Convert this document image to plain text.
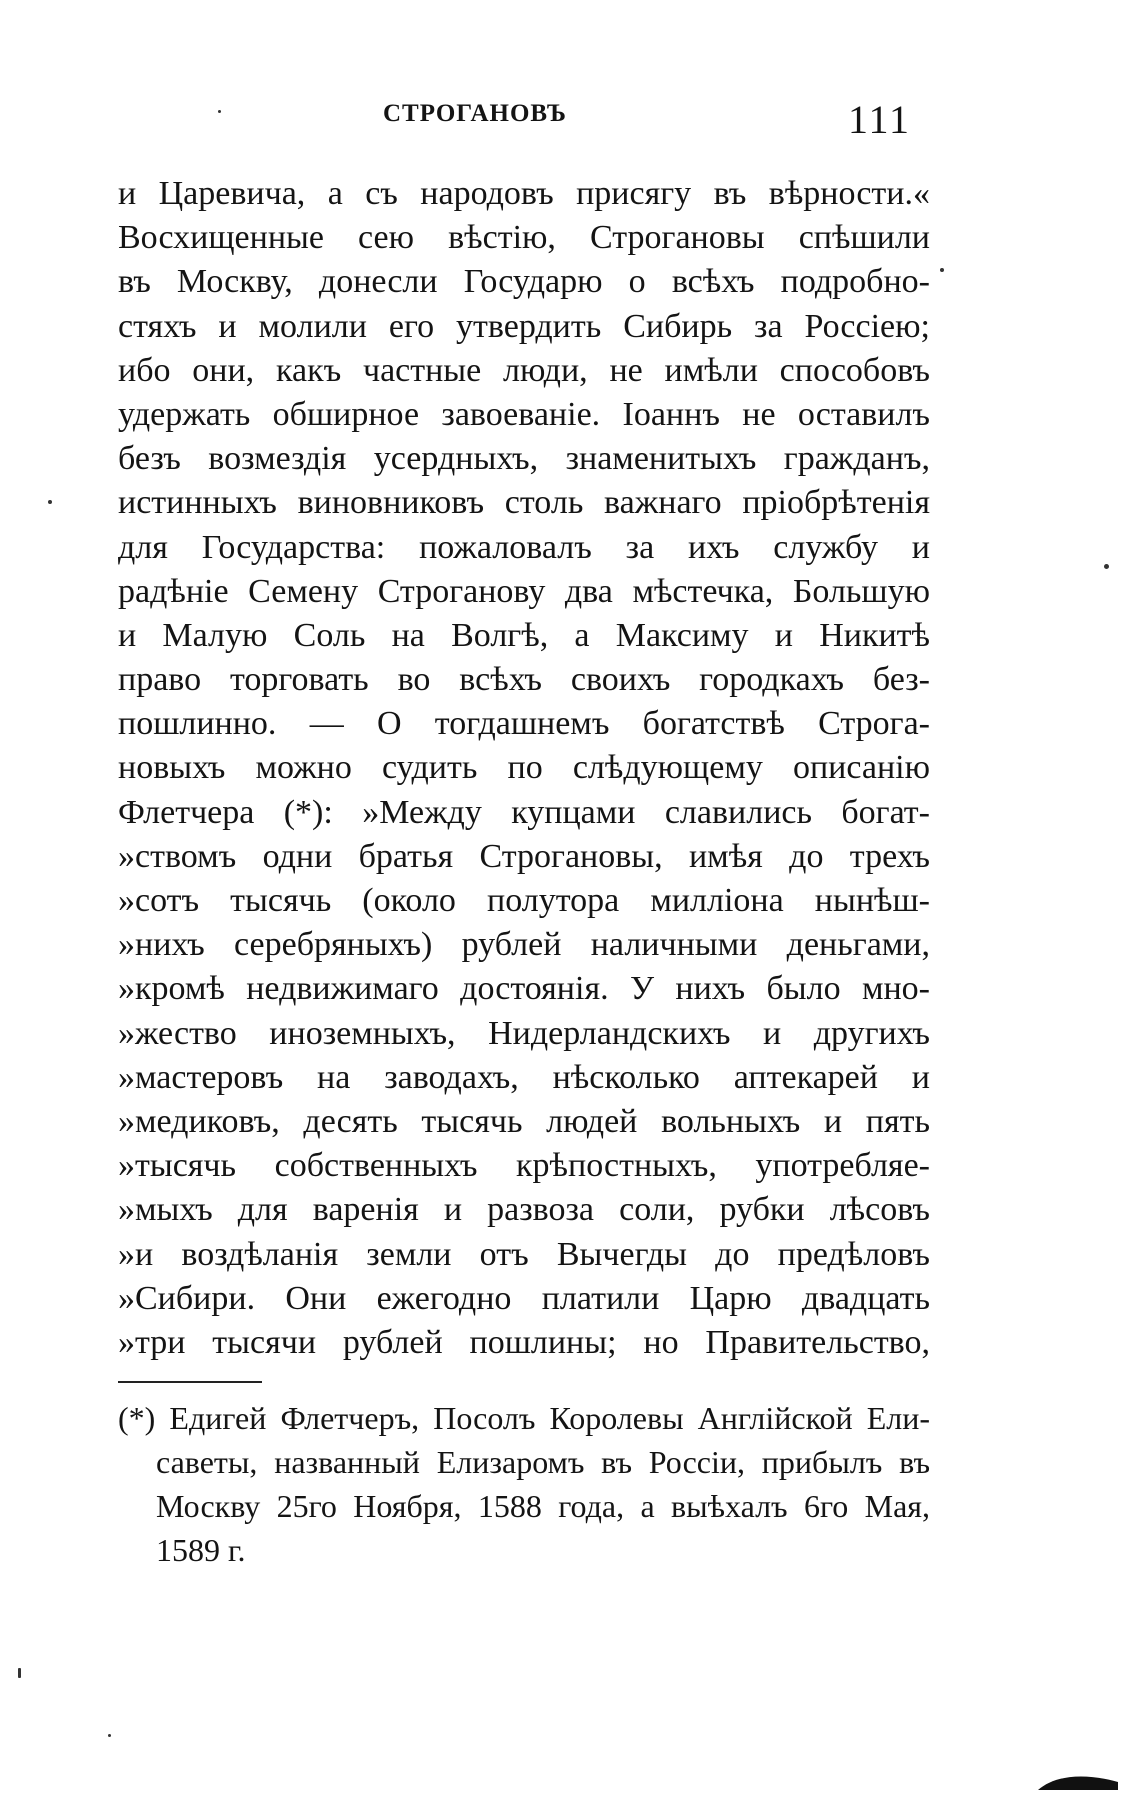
СТРОГАНОВЪ	111
и Царевича, а съ народовъ присягу въ вѣрности.«
Восхищенные сею вѣстію, Строгановы спѣшили
въ Москву, донесли Государю о всѣхъ подробно-
стяхъ и молили его утвердить Сибирь за Россіею;
ибо они, какъ частные люди, не имѣли способовъ
удержать обширное завоеваніе. Іоаннъ не оставилъ
безъ возмездія усердныхъ, знаменитыхъ гражданъ,
истинныхъ виновниковъ столь важнаго пріобрѣтенія
для Государства: пожаловалъ за ихъ службу и
радѣніе Семену Строганову два мѣстечка, Большую
и Малую Соль на Волгѣ, а Максиму и Никитѣ
право торговать во всѣхъ своихъ городкахъ без-
пошлинно. — О тогдашнемъ богатствѣ Строга-
новыхъ можно судить по слѣдующему описанію
Флетчера (*): »Между купцами славились богат-
»ствомъ одни братья Строгановы, имѣя до трехъ
»сотъ тысячь (около полутора милліона нынѣш-
»нихъ серебряныхъ) рублей наличными деньгами,
»кромѣ недвижимаго достоянія. У нихъ было мно-
»жество иноземныхъ, Нидерландскихъ и другихъ
»мастеровъ на заводахъ, нѣсколько аптекарей и
»медиковъ, десять тысячь людей вольныхъ и пять
»тысячь собственныхъ крѣпостныхъ, употребляе-
»мыхъ для варенія и развоза соли, рубки лѣсовъ
»и воздѣланія земли отъ Вычегды до предѣловъ
»Сибири. Они ежегодно платили Царю двадцать
»три тысячи рублей пошлины; но Правительство,
(*) Едигей Флетчеръ, Посолъ Королевы Англійской Ели-
саветы, названный Елизаромъ въ Россіи, прибылъ въ
Москву 25го Ноября, 1588 года, а выѣхалъ 6го Мая,
1589 г.
